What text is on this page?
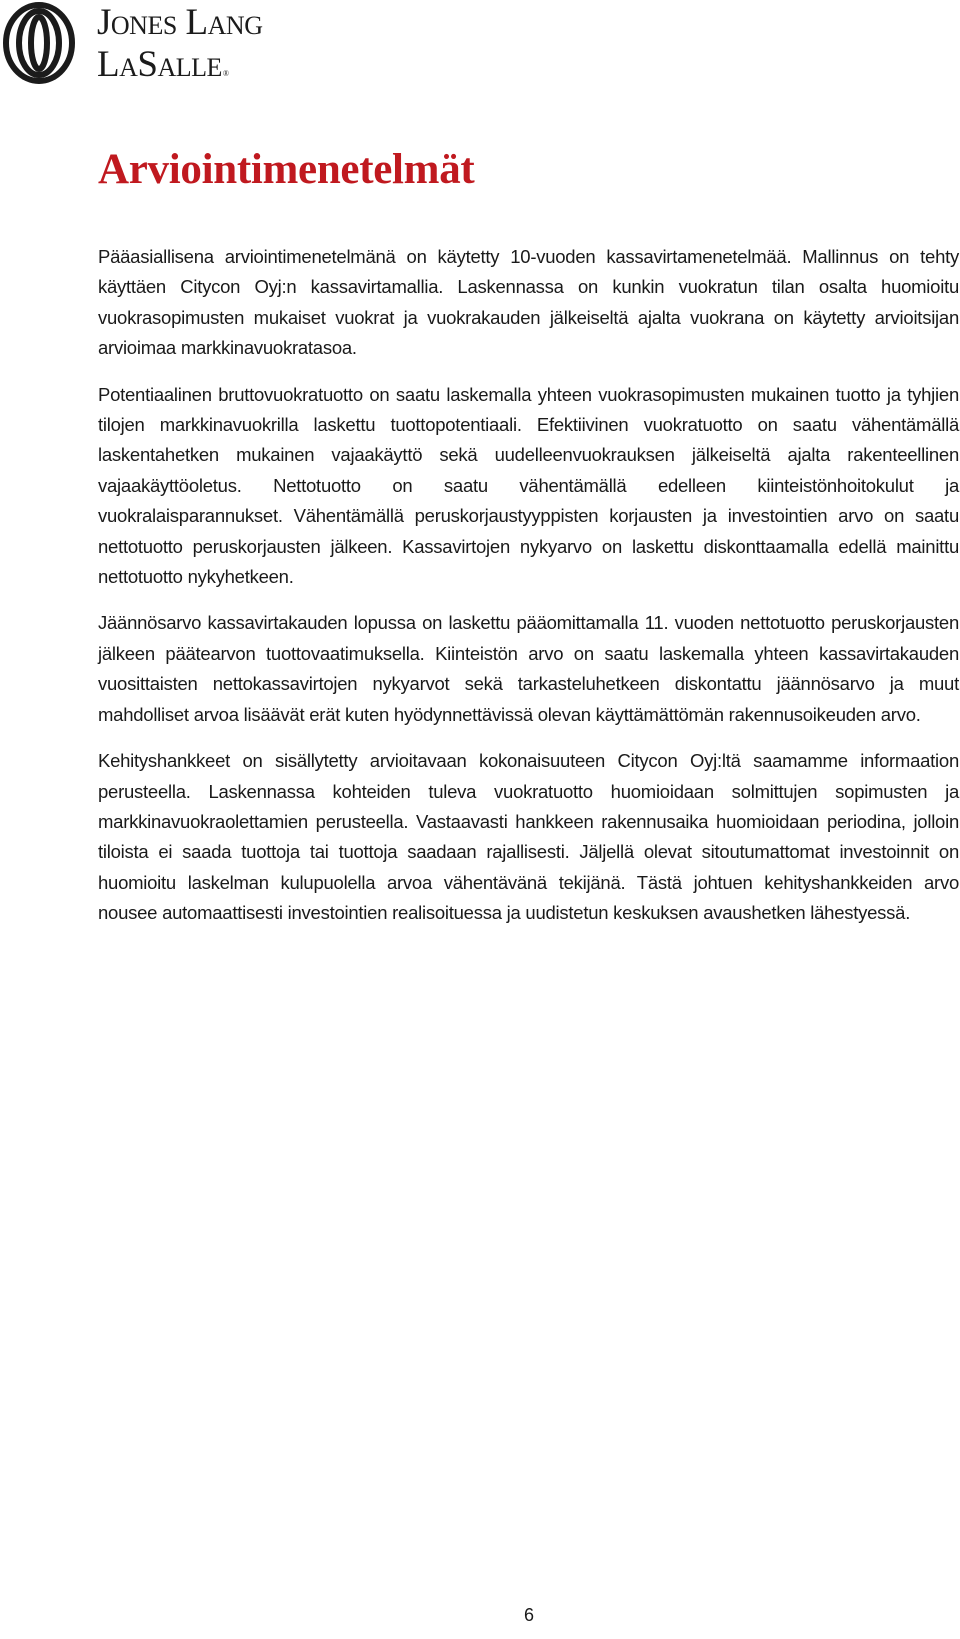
Jones Lang
LaSalle®
Arviointimenetelmät

Pääasiallisena arviointimenetelmänä on käytetty 10-vuoden kassavirtamenetelmää. Mallinnus on tehty käyttäen Citycon Oyj:n kassavirtamallia. Laskennassa on kunkin vuokratun tilan osalta huomioitu vuokrasopimusten mukaiset vuokrat ja vuokrakauden jälkeiseltä ajalta vuokrana on käytetty arvioitsijan arvioimaa markkinavuokratasoa.

Potentiaalinen bruttovuokratuotto on saatu laskemalla yhteen vuokrasopimusten mukainen tuotto ja tyhjien tilojen markkinavuokrilla laskettu tuottopotentiaali. Efektiivinen vuokratuotto on saatu vähentämällä laskentahetken mukainen vajaakäyttö sekä uudelleenvuokrauksen jälkeiseltä ajalta rakenteellinen vajaakäyttöoletus. Nettotuotto on saatu vähentämällä edelleen kiinteistönhoitokulut ja vuokralaisparannukset. Vähentämällä peruskorjaustyyppisten korjausten ja investointien arvo on saatu nettotuotto peruskorjausten jälkeen. Kassavirtojen nykyarvo on laskettu diskonttaamalla edellä mainittu nettotuotto nykyhetkeen.

Jäännösarvo kassavirtakauden lopussa on laskettu pääomittamalla 11. vuoden nettotuotto peruskorjausten jälkeen päätearvon tuottovaatimuksella. Kiinteistön arvo on saatu laskemalla yhteen kassavirtakauden vuosittaisten nettokassavirtojen nykyarvot sekä tarkasteluhetkeen diskontattu jäännösarvo ja muut mahdolliset arvoa lisäävät erät kuten hyödynnettävissä olevan käyttämättömän rakennusoikeuden arvo.

Kehityshankkeet on sisällytetty arvioitavaan kokonaisuuteen Citycon Oyj:ltä saamamme informaation perusteella. Laskennassa kohteiden tuleva vuokratuotto huomioidaan solmittujen sopimusten ja markkinavuokraolettamien perusteella. Vastaavasti hankkeen rakennusaika huomioidaan periodina, jolloin tiloista ei saada tuottoja tai tuottoja saadaan rajallisesti. Jäljellä olevat sitoutumattomat investoinnit on huomioitu laskelman kulupuolella arvoa vähentävänä tekijänä. Tästä johtuen kehityshankkeiden arvo nousee automaattisesti investointien realisoituessa ja uudistetun keskuksen avaushetken lähestyessä.

6
